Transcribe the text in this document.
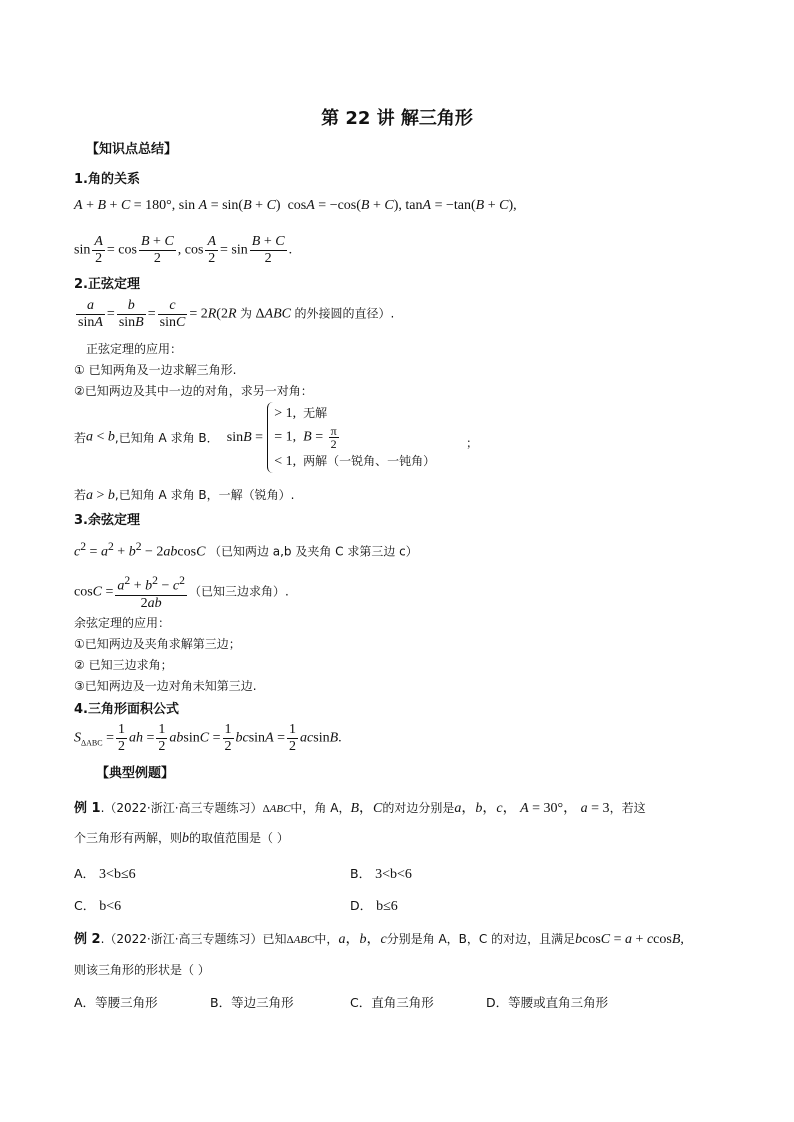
第 22 讲 解三角形
【知识点总结】
1.角的关系
A + B + C = 180°, sin A = sin(B + C)  cosA = −cos(B + C), tanA = −tan(B + C),
$\sin \frac{A}{2} = \cos \frac{B + C}{2}$ , $\cos \frac{A}{2} = \sin \frac{B + C}{2}$ .
2.正弦定理
$\frac{a}{\sin A} = \frac{b}{\sin B} = \frac{c}{\sin C} = 2R(2R$ 为 ΔABC 的外接圆的直径）.
正弦定理的应用：
① 已知两角及一边求解三角形.
②已知两边及其中一边的对角，求另一对角：
若a < b,已知角 A 求角 B． sinB = > 1,  无解
= 1,  $B = \frac{\pi}{2}$

< 1,  两解（一锐角、一钝角）
；
若a > b,已知角 A 求角 B，一解（锐角）.
3.余弦定理
$c^2 = a^2 + b^2 - 2abcosC$ （已知两边 a,b 及夹角 C 求第三边 c）
$\cos C = \frac{a^2 + b^2 - c^2}{2ab}$ （已知三边求角）.
余弦定理的应用：
①已知两边及夹角求解第三边；
② 已知三边求角；
③已知两边及一边对角未知第三边.
4.三角形面积公式
$S_{\Delta ABC} = \frac{1}{2}$ ah = $\frac{1}{2}$ $absinC = \frac{1}{2}$ $bcsinA = \frac{1}{2} acsinB$.
【典型例题】
例 1.（2022·浙江·高三专题练习）ΔABC中，角 A，B，C的对边分别是a，b，c， A = 30°， a = 3，若这
个三角形有两解，则b的取值范围是（ ）
A． 3<b≤6	B． 3<b<6
C． b<6	D． b≤6
例 2.（2022·浙江·高三专题练习）已知ΔABC中，a，b，c分别是角 A，B，C 的对边，且满足bcosC = a + ccosB,
则该三角形的形状是（ ）
A．等腰三角形	B．等边三角形	C．直角三角形	D．等腰或直角三角形
